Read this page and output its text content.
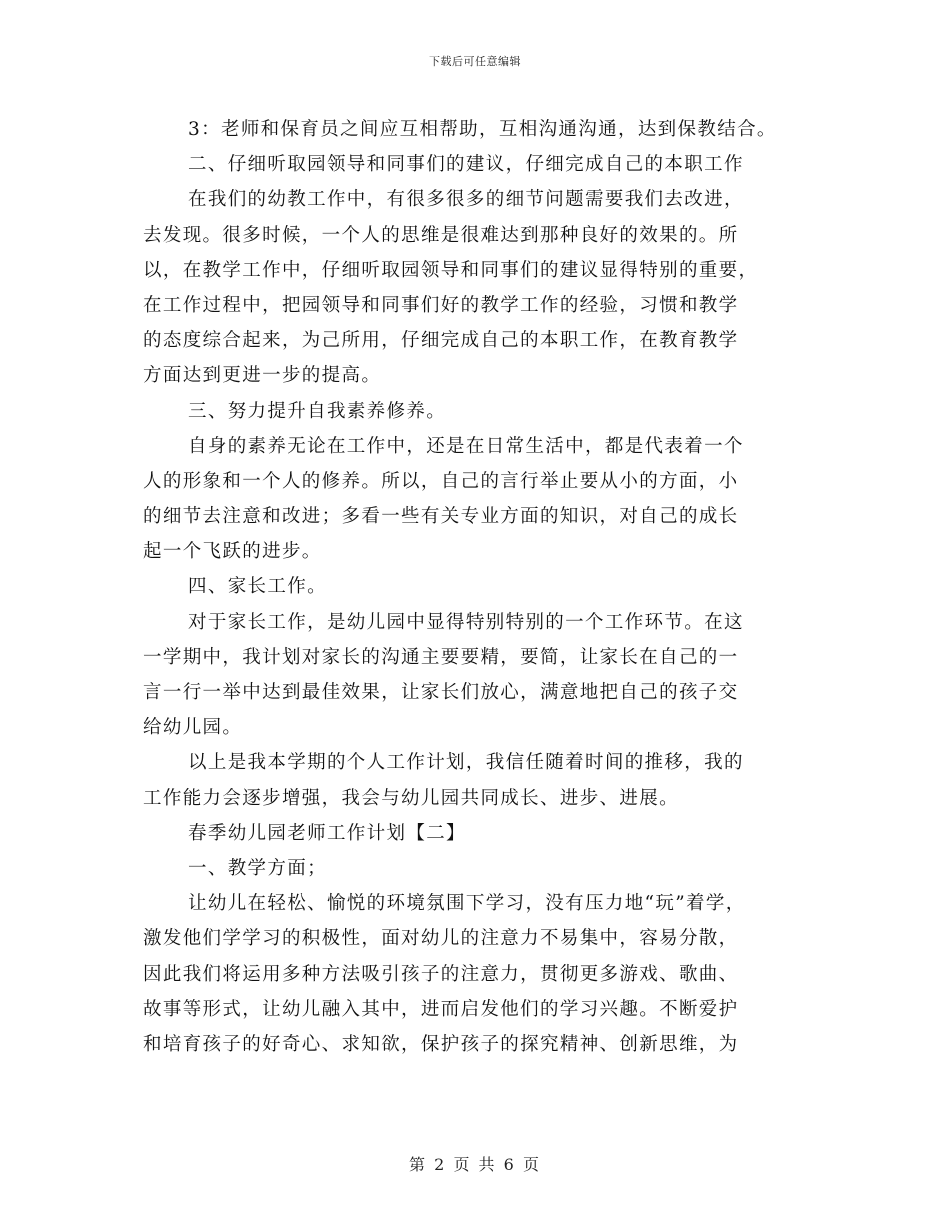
下载后可任意编辑
3：老师和保育员之间应互相帮助，互相沟通沟通，达到保教结合。
二、仔细听取园领导和同事们的建议，仔细完成自己的本职工作
在我们的幼教工作中，有很多很多的细节问题需要我们去改进，
去发现。很多时候，一个人的思维是很难达到那种良好的效果的。所
以，在教学工作中，仔细听取园领导和同事们的建议显得特别的重要，
在工作过程中，把园领导和同事们好的教学工作的经验，习惯和教学
的态度综合起来，为己所用，仔细完成自己的本职工作，在教育教学
方面达到更进一步的提高。
三、努力提升自我素养修养。
自身的素养无论在工作中，还是在日常生活中，都是代表着一个
人的形象和一个人的修养。所以，自己的言行举止要从小的方面，小
的细节去注意和改进；多看一些有关专业方面的知识，对自己的成长
起一个飞跃的进步。
四、家长工作。
对于家长工作，是幼儿园中显得特别特别的一个工作环节。在这
一学期中，我计划对家长的沟通主要要精，要简，让家长在自己的一
言一行一举中达到最佳效果，让家长们放心，满意地把自己的孩子交
给幼儿园。
以上是我本学期的个人工作计划，我信任随着时间的推移，我的
工作能力会逐步增强，我会与幼儿园共同成长、进步、进展。
春季幼儿园老师工作计划【二】
一、教学方面；
让幼儿在轻松、愉悦的环境氛围下学习，没有压力地“玩”着学，
激发他们学学习的积极性，面对幼儿的注意力不易集中，容易分散，
因此我们将运用多种方法吸引孩子的注意力，贯彻更多游戏、歌曲、
故事等形式，让幼儿融入其中，进而启发他们的学习兴趣。不断爱护
和培育孩子的好奇心、求知欲，保护孩子的探究精神、创新思维，为
第 2 页 共 6 页
